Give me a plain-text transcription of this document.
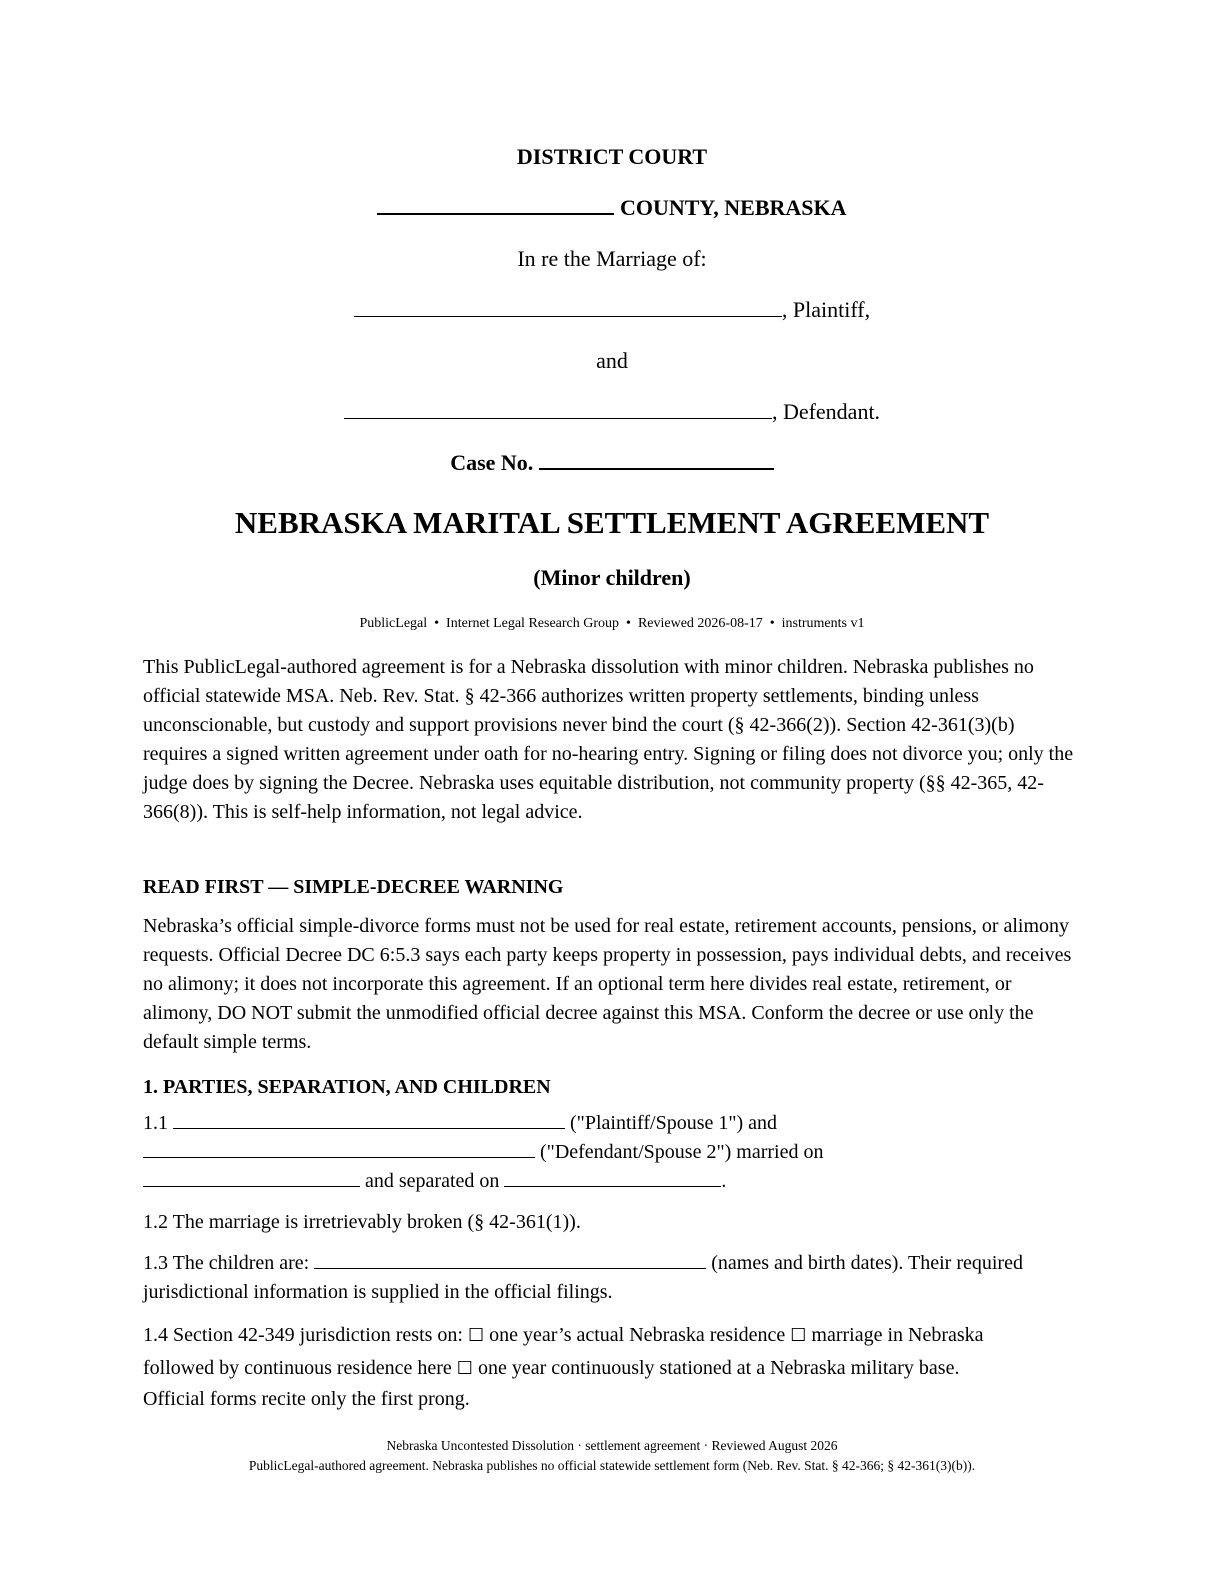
DISTRICT COURT
COUNTY, NEBRASKA
In re the Marriage of:
, Plaintiff,
and
, Defendant.
Case No.
NEBRASKA MARITAL SETTLEMENT AGREEMENT
(Minor children)
PublicLegal • Internet Legal Research Group • Reviewed 2026-08-17 • instruments v1
This PublicLegal-authored agreement is for a Nebraska dissolution with minor children. Nebraska publishes no official statewide MSA. Neb. Rev. Stat. § 42-366 authorizes written property settlements, binding unless unconscionable, but custody and support provisions never bind the court (§ 42-366(2)). Section 42-361(3)(b) requires a signed written agreement under oath for no-hearing entry. Signing or filing does not divorce you; only the judge does by signing the Decree. Nebraska uses equitable distribution, not community property (§§ 42-365, 42-366(8)). This is self-help information, not legal advice.
READ FIRST — SIMPLE-DECREE WARNING
Nebraska’s official simple-divorce forms must not be used for real estate, retirement accounts, pensions, or alimony requests. Official Decree DC 6:5.3 says each party keeps property in possession, pays individual debts, and receives no alimony; it does not incorporate this agreement. If an optional term here divides real estate, retirement, or alimony, DO NOT submit the unmodified official decree against this MSA. Conform the decree or use only the default simple terms.
1. PARTIES, SEPARATION, AND CHILDREN
1.1	("Plaintiff/Spouse 1") and
("Defendant/Spouse 2") married on
and separated on	.
1.2 The marriage is irretrievably broken (§ 42-361(1)).
1.3 The children are:	(names and birth dates). Their required
jurisdictional information is supplied in the official filings.
1.4 Section 42-349 jurisdiction rests on: ☐ one year’s actual Nebraska residence ☐ marriage in Nebraska
followed by continuous residence here ☐ one year continuously stationed at a Nebraska military base.
Official forms recite only the first prong.
Nebraska Uncontested Dissolution · settlement agreement · Reviewed August 2026
PublicLegal-authored agreement. Nebraska publishes no official statewide settlement form (Neb. Rev. Stat. § 42-366; § 42-361(3)(b)).
